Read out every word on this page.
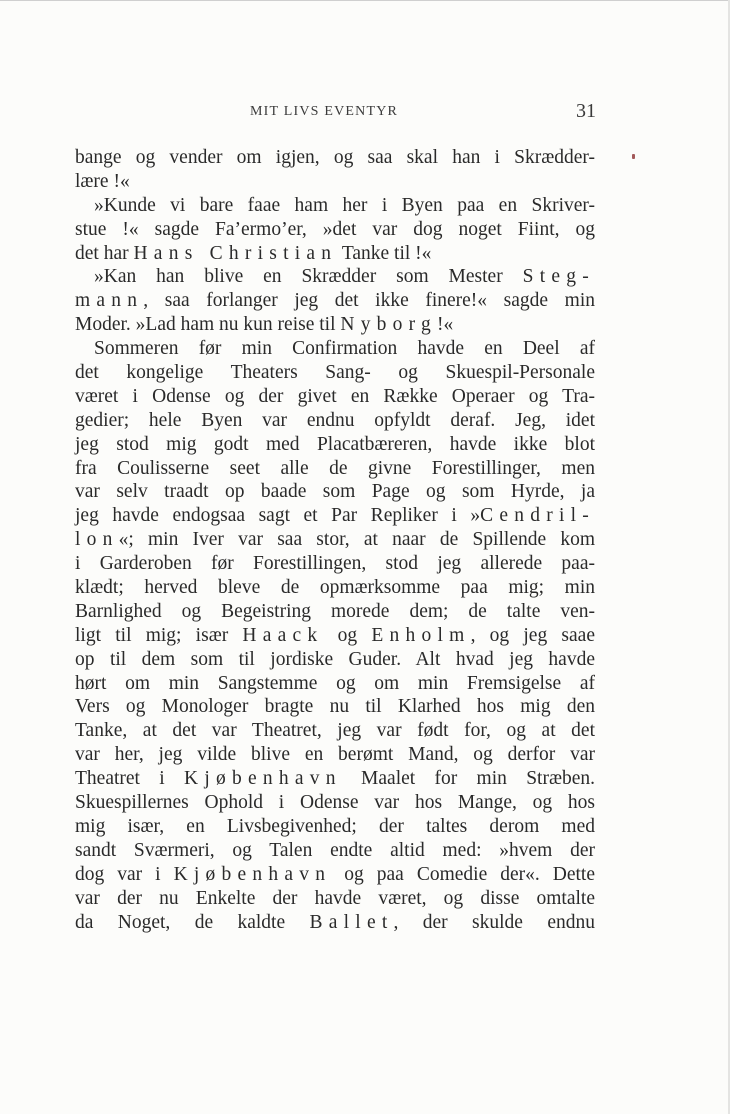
MIT LIVS EVENTYR	31
bange og vender om igjen, og saa skal han i Skrædder-
lære !«
»Kunde vi bare faae ham her i Byen paa en Skriver-
stue !« sagde Fa’ermo’er, »det var dog noget Fiint, og
det har Hans Christian Tanke til !«
»Kan han blive en Skrædder som Mester Steg-
mann, saa forlanger jeg det ikke finere!« sagde min
Moder. »Lad ham nu kun reise til Nyborg!«
Sommeren før min Confirmation havde en Deel af
det kongelige Theaters Sang- og Skuespil-Personale
været i Odense og der givet en Række Operaer og Tra-
gedier; hele Byen var endnu opfyldt deraf. Jeg, idet
jeg stod mig godt med Placatbæreren, havde ikke blot
fra Coulisserne seet alle de givne Forestillinger, men
var selv traadt op baade som Page og som Hyrde, ja
jeg havde endogsaa sagt et Par Repliker i »Cendril-
lon«; min Iver var saa stor, at naar de Spillende kom
i Garderoben før Forestillingen, stod jeg allerede paa-
klædt; herved bleve de opmærksomme paa mig; min
Barnlighed og Begeistring morede dem; de talte ven-
ligt til mig; især Haack og Enholm, og jeg saae
op til dem som til jordiske Guder. Alt hvad jeg havde
hørt om min Sangstemme og om min Fremsigelse af
Vers og Monologer bragte nu til Klarhed hos mig den
Tanke, at det var Theatret, jeg var født for, og at det
var her, jeg vilde blive en berømt Mand, og derfor var
Theatret i Kjøbenhavn Maalet for min Stræben.
Skuespillernes Ophold i Odense var hos Mange, og hos
mig især, en Livsbegivenhed; der taltes derom med
sandt Sværmeri, og Talen endte altid med: »hvem der
dog var i Kjøbenhavn og paa Comedie der«. Dette
var der nu Enkelte der havde været, og disse omtalte
da Noget, de kaldte Ballet, der skulde endnu
